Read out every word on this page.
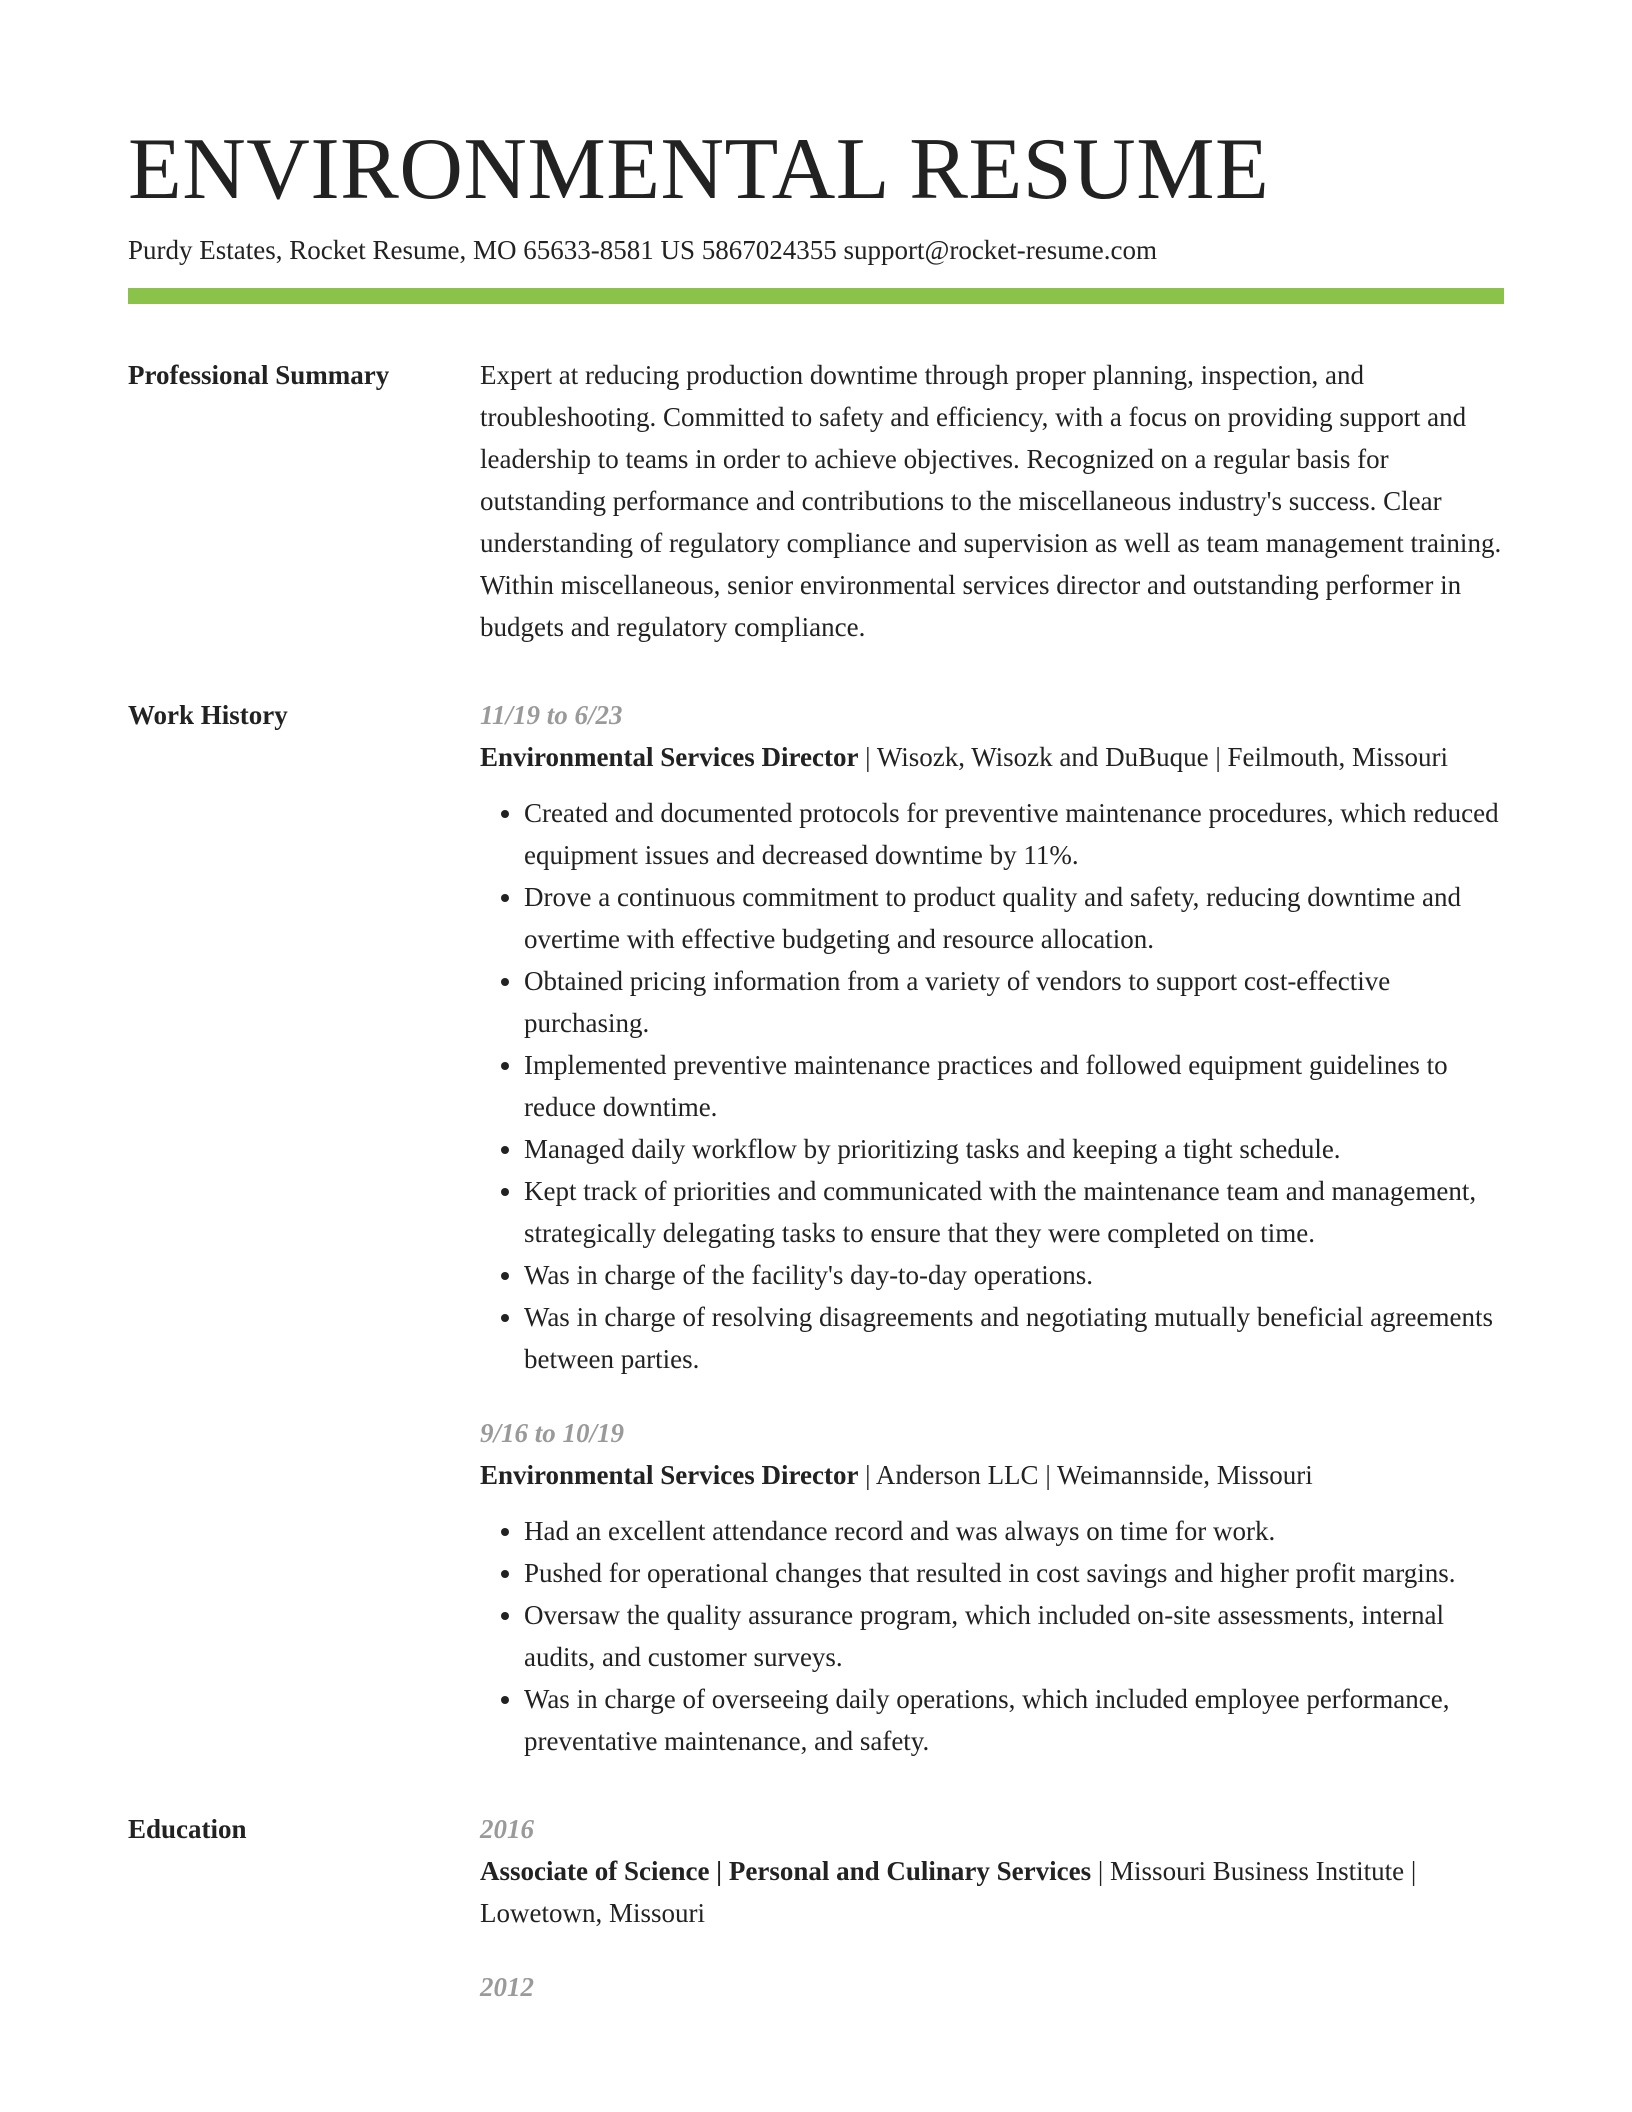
ENVIRONMENTAL RESUME
Purdy Estates, Rocket Resume, MO 65633-8581 US 5867024355 support@rocket-resume.com
Professional Summary	Expert at reducing production downtime through proper planning, inspection, and troubleshooting. Committed to safety and efficiency, with a focus on providing support and leadership to teams in order to achieve objectives. Recognized on a regular basis for outstanding performance and contributions to the miscellaneous industry's success. Clear understanding of regulatory compliance and supervision as well as team management training. Within miscellaneous, senior environmental services director and outstanding performer in budgets and regulatory compliance.

Work History	11/19 to 6/23
Environmental Services Director | Wisozk, Wisozk and DuBuque | Feilmouth, Missouri
• Created and documented protocols for preventive maintenance procedures, which reduced equipment issues and decreased downtime by 11%.
• Drove a continuous commitment to product quality and safety, reducing downtime and overtime with effective budgeting and resource allocation.
• Obtained pricing information from a variety of vendors to support cost-effective purchasing.
• Implemented preventive maintenance practices and followed equipment guidelines to reduce downtime.
• Managed daily workflow by prioritizing tasks and keeping a tight schedule.
• Kept track of priorities and communicated with the maintenance team and management, strategically delegating tasks to ensure that they were completed on time.
• Was in charge of the facility's day-to-day operations.
• Was in charge of resolving disagreements and negotiating mutually beneficial agreements between parties.
9/16 to 10/19
Environmental Services Director | Anderson LLC | Weimannside, Missouri
• Had an excellent attendance record and was always on time for work.
• Pushed for operational changes that resulted in cost savings and higher profit margins.
• Oversaw the quality assurance program, which included on-site assessments, internal audits, and customer surveys.
• Was in charge of overseeing daily operations, which included employee performance, preventative maintenance, and safety.
Education	2016
Associate of Science | Personal and Culinary Services | Missouri Business Institute | Lowetown, Missouri
2012
